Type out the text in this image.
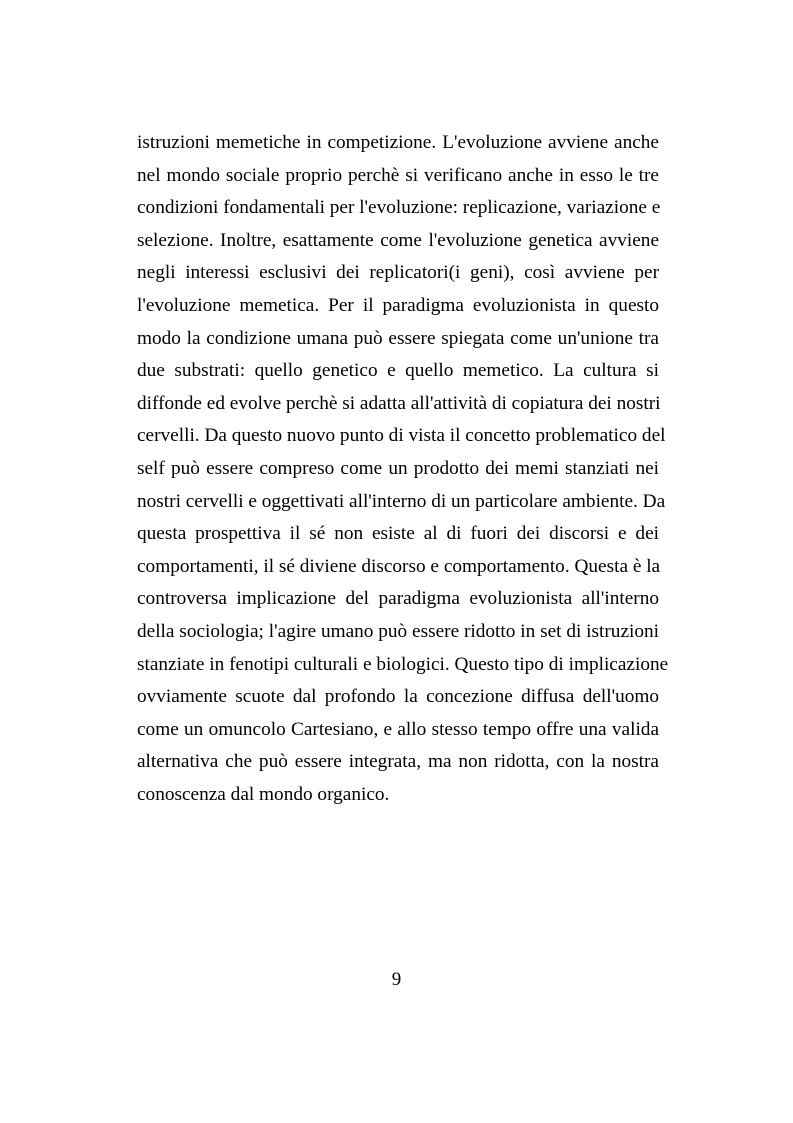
istruzioni memetiche in competizione. L'evoluzione avviene anche
nel mondo sociale proprio perchè si verificano anche in esso le tre
condizioni fondamentali per l'evoluzione: replicazione, variazione e
selezione. Inoltre, esattamente come l'evoluzione genetica avviene
negli interessi esclusivi dei replicatori(i geni), così avviene per
l'evoluzione memetica. Per il paradigma evoluzionista in questo
modo la condizione umana può essere spiegata come un'unione tra
due substrati: quello genetico e quello memetico. La cultura si
diffonde ed evolve perchè si adatta all'attività di copiatura dei nostri
cervelli. Da questo nuovo punto di vista il concetto problematico del
self può essere compreso come un prodotto dei memi stanziati nei
nostri cervelli e oggettivati all'interno di un particolare ambiente. Da
questa prospettiva il sé non esiste al di fuori dei discorsi e dei
comportamenti, il sé diviene discorso e comportamento. Questa è la
controversa implicazione del paradigma evoluzionista all'interno
della sociologia; l'agire umano può essere ridotto in set di istruzioni
stanziate in fenotipi culturali e biologici. Questo tipo di implicazione
ovviamente scuote dal profondo la concezione diffusa dell'uomo
come un omuncolo Cartesiano, e allo stesso tempo offre una valida
alternativa che può essere integrata, ma non ridotta, con la nostra
conoscenza dal mondo organico.
9
